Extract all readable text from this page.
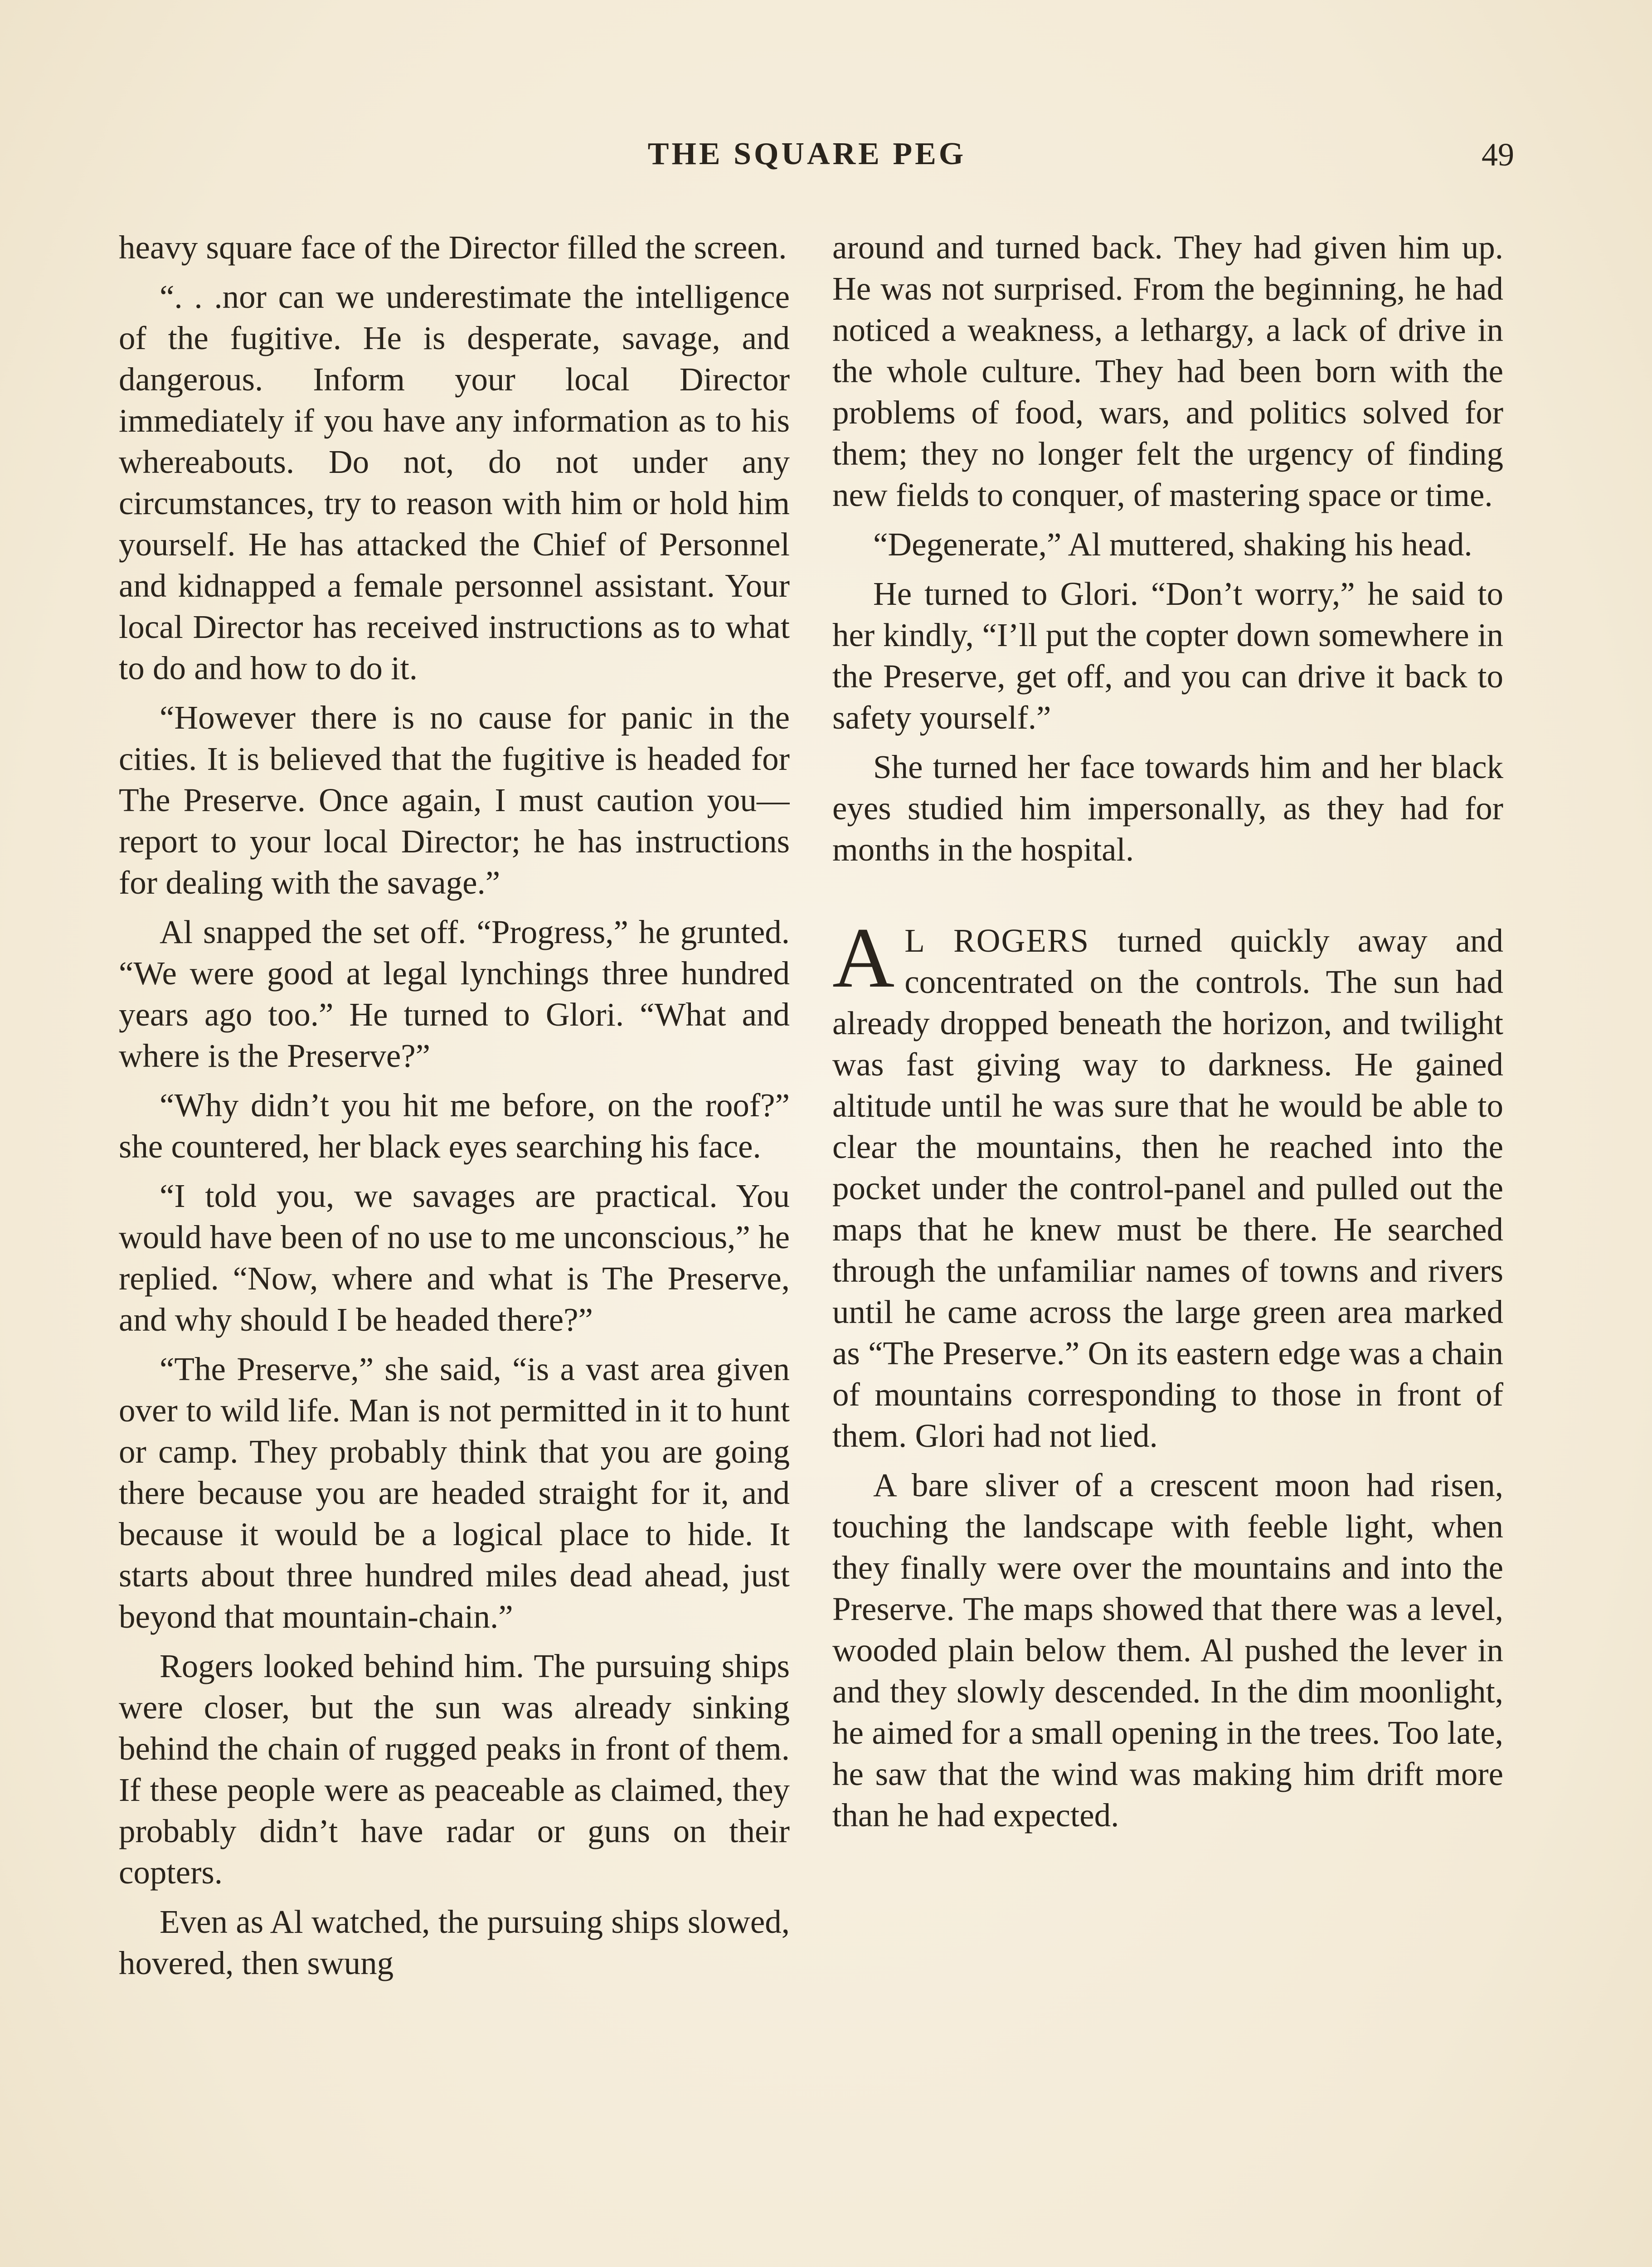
THE SQUARE PEG	49

heavy square face of the Director filled the screen.

“. . .nor can we underestimate the intelligence of the fugitive. He is desperate, savage, and dangerous. Inform your local Director immediately if you have any information as to his whereabouts. Do not, do not under any circumstances, try to reason with him or hold him yourself. He has attacked the Chief of Personnel and kidnapped a female personnel assistant. Your local Director has received instructions as to what to do and how to do it.

“However there is no cause for panic in the cities. It is believed that the fugitive is headed for The Preserve. Once again, I must caution you—report to your local Director; he has instructions for dealing with the savage.”

Al snapped the set off. “Progress,” he grunted. “We were good at legal lynchings three hundred years ago too.” He turned to Glori. “What and where is the Preserve?”

“Why didn’t you hit me before, on the roof?” she countered, her black eyes searching his face.

“I told you, we savages are practical. You would have been of no use to me unconscious,” he replied. “Now, where and what is The Preserve, and why should I be headed there?”

“The Preserve,” she said, “is a vast area given over to wild life. Man is not permitted in it to hunt or camp. They probably think that you are going there because you are headed straight for it, and because it would be a logical place to hide. It starts about three hundred miles dead ahead, just beyond that mountain-chain.”

Rogers looked behind him. The pursuing ships were closer, but the sun was already sinking behind the chain of rugged peaks in front of them. If these people were as peaceable as claimed, they probably didn’t have radar or guns on their copters.

Even as Al watched, the pursuing ships slowed, hovered, then swung

around and turned back. They had given him up. He was not surprised. From the beginning, he had noticed a weakness, a lethargy, a lack of drive in the whole culture. They had been born with the problems of food, wars, and politics solved for them; they no longer felt the urgency of finding new fields to conquer, of mastering space or time.

“Degenerate,” Al muttered, shaking his head.

He turned to Glori. “Don’t worry,” he said to her kindly, “I’ll put the copter down somewhere in the Preserve, get off, and you can drive it back to safety yourself.”

She turned her face towards him and her black eyes studied him impersonally, as they had for months in the hospital.

A L ROGERS turned quickly away and concentrated on the controls. The sun had already dropped beneath the horizon, and twilight was fast giving way to darkness. He gained altitude until he was sure that he would be able to clear the mountains, then he reached into the pocket under the control-panel and pulled out the maps that he knew must be there. He searched through the unfamiliar names of towns and rivers until he came across the large green area marked as “The Preserve.” On its eastern edge was a chain of mountains corresponding to those in front of them. Glori had not lied.

A bare sliver of a crescent moon had risen, touching the landscape with feeble light, when they finally were over the mountains and into the Preserve. The maps showed that there was a level, wooded plain below them. Al pushed the lever in and they slowly descended. In the dim moonlight, he aimed for a small opening in the trees. Too late, he saw that the wind was making him drift more than he had expected.
